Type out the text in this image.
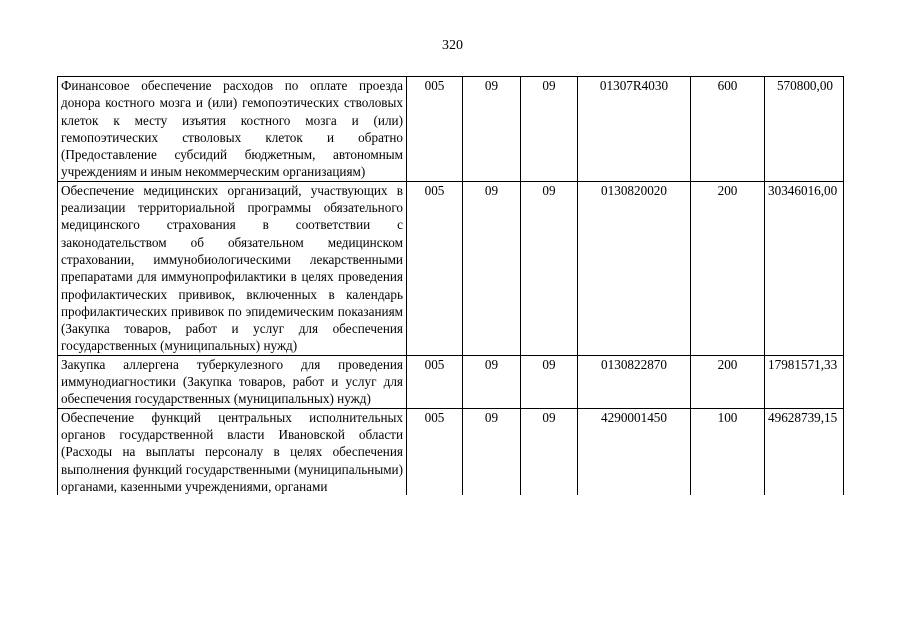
320
Финансовое обеспечение расходов по оплате проезда донора костного мозга и (или) гемопоэтических стволовых клеток к месту изъятия костного мозга и (или) гемопоэтических стволовых клеток и обратно (Предоставление субсидий бюджетным, автономным учреждениям и иным некоммерческим организациям)	005	09	09	01307R4030	600	570800,00
Обеспечение медицинских организаций, участвующих в реализации территориальной программы обязательного медицинского страхования в соответствии с законодательством об обязательном медицинском страховании, иммунобиологическими лекарственными препаратами для иммунопрофилактики в целях проведения профилактических прививок, включенных в календарь профилактических прививок по эпидемическим показаниям (Закупка товаров, работ и услуг для обеспечения государственных (муниципальных) нужд)	005	09	09	0130820020	200	30346016,00
Закупка аллергена туберкулезного для проведения иммунодиагностики (Закупка товаров, работ и услуг для обеспечения государственных (муниципальных) нужд)	005	09	09	0130822870	200	17981571,33
Обеспечение функций центральных исполнительных органов государственной власти Ивановской области (Расходы на выплаты персоналу в целях обеспечения выполнения функций государственными (муниципальными) органами, казенными учреждениями, органами	005	09	09	4290001450	100	49628739,15
